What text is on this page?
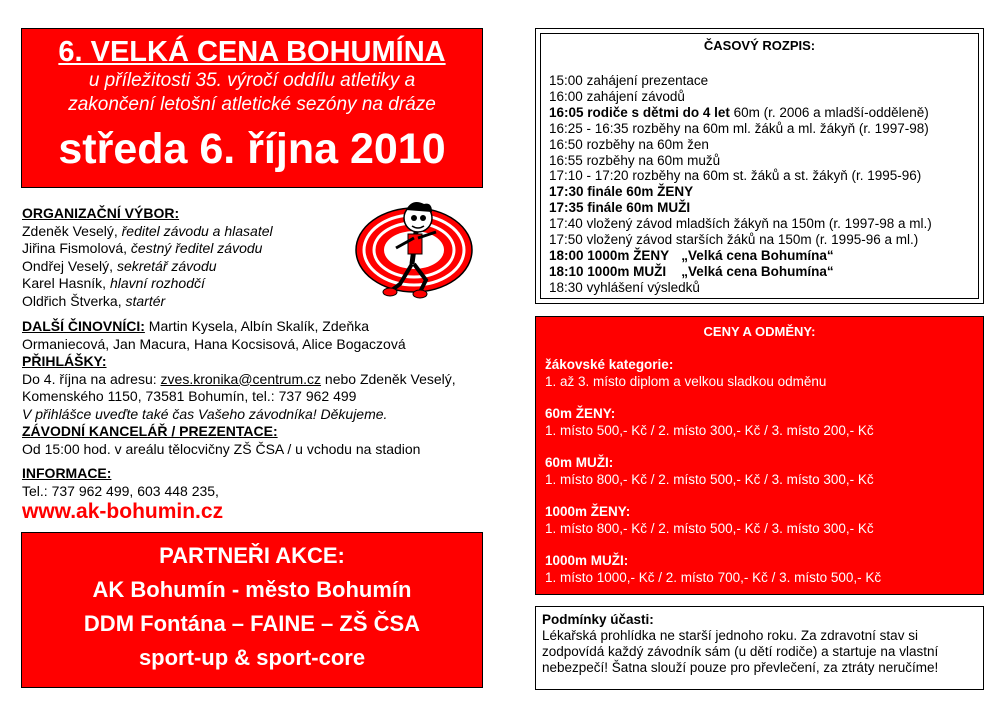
6. VELKÁ CENA BOHUMÍNA
u příležitosti 35. výročí oddílu atletiky a
zakončení letošní atletické sezóny na dráze
středa 6. října 2010
ORGANIZAČNÍ VÝBOR:
Zdeněk Veselý, ředitel závodu a hlasatel
Jiřina Fismolová, čestný ředitel závodu
Ondřej Veselý, sekretář závodu
Karel Hasník, hlavní rozhodčí
Oldřich Štverka, startér
DALŠÍ ČINOVNÍCI: Martin Kysela, Albín Skalík, Zdeňka
Ormaniecová, Jan Macura, Hana Kocsisová, Alice Bogaczová
PŘIHLÁŠKY:
Do 4. října na adresu: zves.kronika@centrum.cz nebo Zdeněk Veselý,
Komenského 1150, 73581 Bohumín, tel.: 737 962 499
V přihlášce uveďte také čas Vašeho závodníka! Děkujeme.
ZÁVODNÍ KANCELÁŘ / PREZENTACE:
Od 15:00 hod. v areálu tělocvičny ZŠ ČSA / u vchodu na stadion
INFORMACE:
Tel.: 737 962 499, 603 448 235,
www.ak-bohumin.cz
PARTNEŘI AKCE:
AK Bohumín - město Bohumín
DDM Fontána – FAINE – ZŠ ČSA
sport-up & sport-core
ČASOVÝ ROZPIS:
15:00 zahájení prezentace
16:00 zahájení závodů
16:05 rodiče s dětmi do 4 let 60m (r. 2006 a mladší-odděleně)
16:25 - 16:35 rozběhy na 60m ml. žáků a ml. žákyň (r. 1997-98)
16:50 rozběhy na 60m žen
16:55 rozběhy na 60m mužů
17:10 - 17:20 rozběhy na 60m st. žáků a st. žákyň (r. 1995-96)
17:30 finále 60m ŽENY
17:35 finále 60m MUŽI
17:40 vložený závod mladších žákyň na 150m (r. 1997-98 a ml.)
17:50 vložený závod starších žáků na 150m (r. 1995-96 a ml.)
18:00 1000m ŽENY „Velká cena Bohumína“
18:10 1000m MUŽI „Velká cena Bohumína“
18:30 vyhlášení výsledků
CENY A ODMĚNY:
žákovské kategorie:
1. až 3. místo diplom a velkou sladkou odměnu
60m ŽENY:
1. místo 500,- Kč / 2. místo 300,- Kč / 3. místo 200,- Kč
60m MUŽI:
1. místo 800,- Kč / 2. místo 500,- Kč / 3. místo 300,- Kč
1000m ŽENY:
1. místo 800,- Kč / 2. místo 500,- Kč / 3. místo 300,- Kč
1000m MUŽI:
1. místo 1000,- Kč / 2. místo 700,- Kč / 3. místo 500,- Kč
Podmínky účasti:
Lékařská prohlídka ne starší jednoho roku. Za zdravotní stav si zodpovídá každý závodník sám (u dětí rodiče) a startuje na vlastní nebezpečí! Šatna slouží pouze pro převlečení, za ztráty neručíme!
